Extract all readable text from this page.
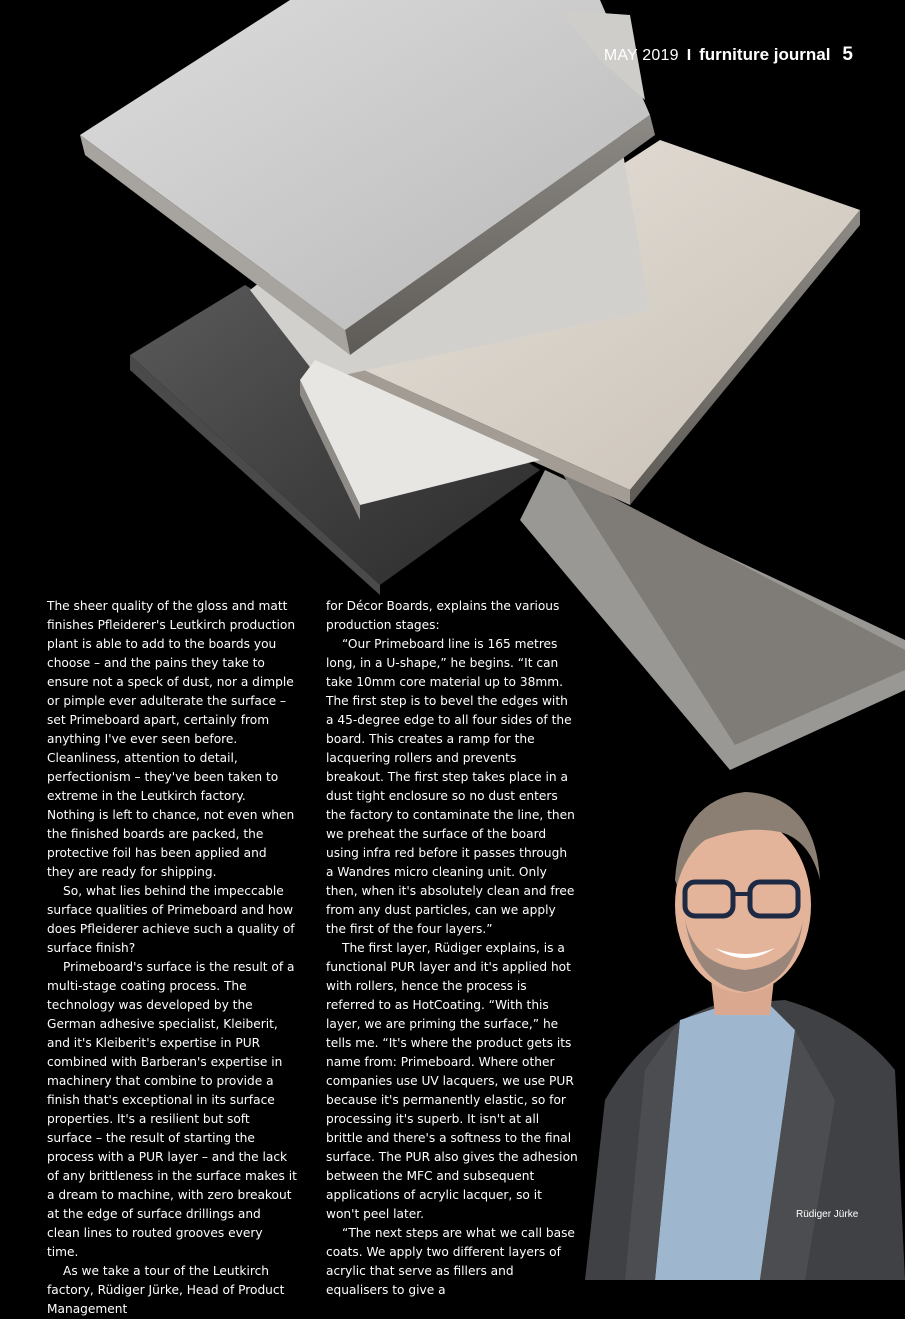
MAY 2019 I furniture journal 5

The sheer quality of the gloss and matt finishes Pfleiderer's Leutkirch production plant is able to add to the boards you choose – and the pains they take to ensure not a speck of dust, nor a dimple or pimple ever adulterate the surface – set Primeboard apart, certainly from anything I've ever seen before. Cleanliness, attention to detail, perfectionism – they've been taken to extreme in the Leutkirch factory. Nothing is left to chance, not even when the finished boards are packed, the protective foil has been applied and they are ready for shipping.

So, what lies behind the impeccable surface qualities of Primeboard and how does Pfleiderer achieve such a quality of surface finish?

Primeboard's surface is the result of a multi-stage coating process. The technology was developed by the German adhesive specialist, Kleiberit, and it's Kleiberit's expertise in PUR combined with Barberan's expertise in machinery that combine to provide a finish that's exceptional in its surface properties. It's a resilient but soft surface – the result of starting the process with a PUR layer – and the lack of any brittleness in the surface makes it a dream to machine, with zero breakout at the edge of surface drillings and clean lines to routed grooves every time.

As we take a tour of the Leutkirch factory, Rüdiger Jürke, Head of Product Management

for Décor Boards, explains the various production stages:

“Our Primeboard line is 165 metres long, in a U-shape,” he begins. “It can take 10mm core material up to 38mm. The first step is to bevel the edges with a 45-degree edge to all four sides of the board. This creates a ramp for the lacquering rollers and prevents breakout. The first step takes place in a dust tight enclosure so no dust enters the factory to contaminate the line, then we preheat the surface of the board using infra red before it passes through a Wandres micro cleaning unit. Only then, when it's absolutely clean and free from any dust particles, can we apply the first of the four layers.”

The first layer, Rüdiger explains, is a functional PUR layer and it's applied hot with rollers, hence the process is referred to as HotCoating. “With this layer, we are priming the surface,” he tells me. “It's where the product gets its name from: Primeboard. Where other companies use UV lacquers, we use PUR because it's permanently elastic, so for processing it's superb. It isn't at all brittle and there's a softness to the final surface. The PUR also gives the adhesion between the MFC and subsequent applications of acrylic lacquer, so it won't peel later.

“The next steps are what we call base coats. We apply two different layers of acrylic that serve as fillers and equalisers to give a

Rüdiger Jürke
